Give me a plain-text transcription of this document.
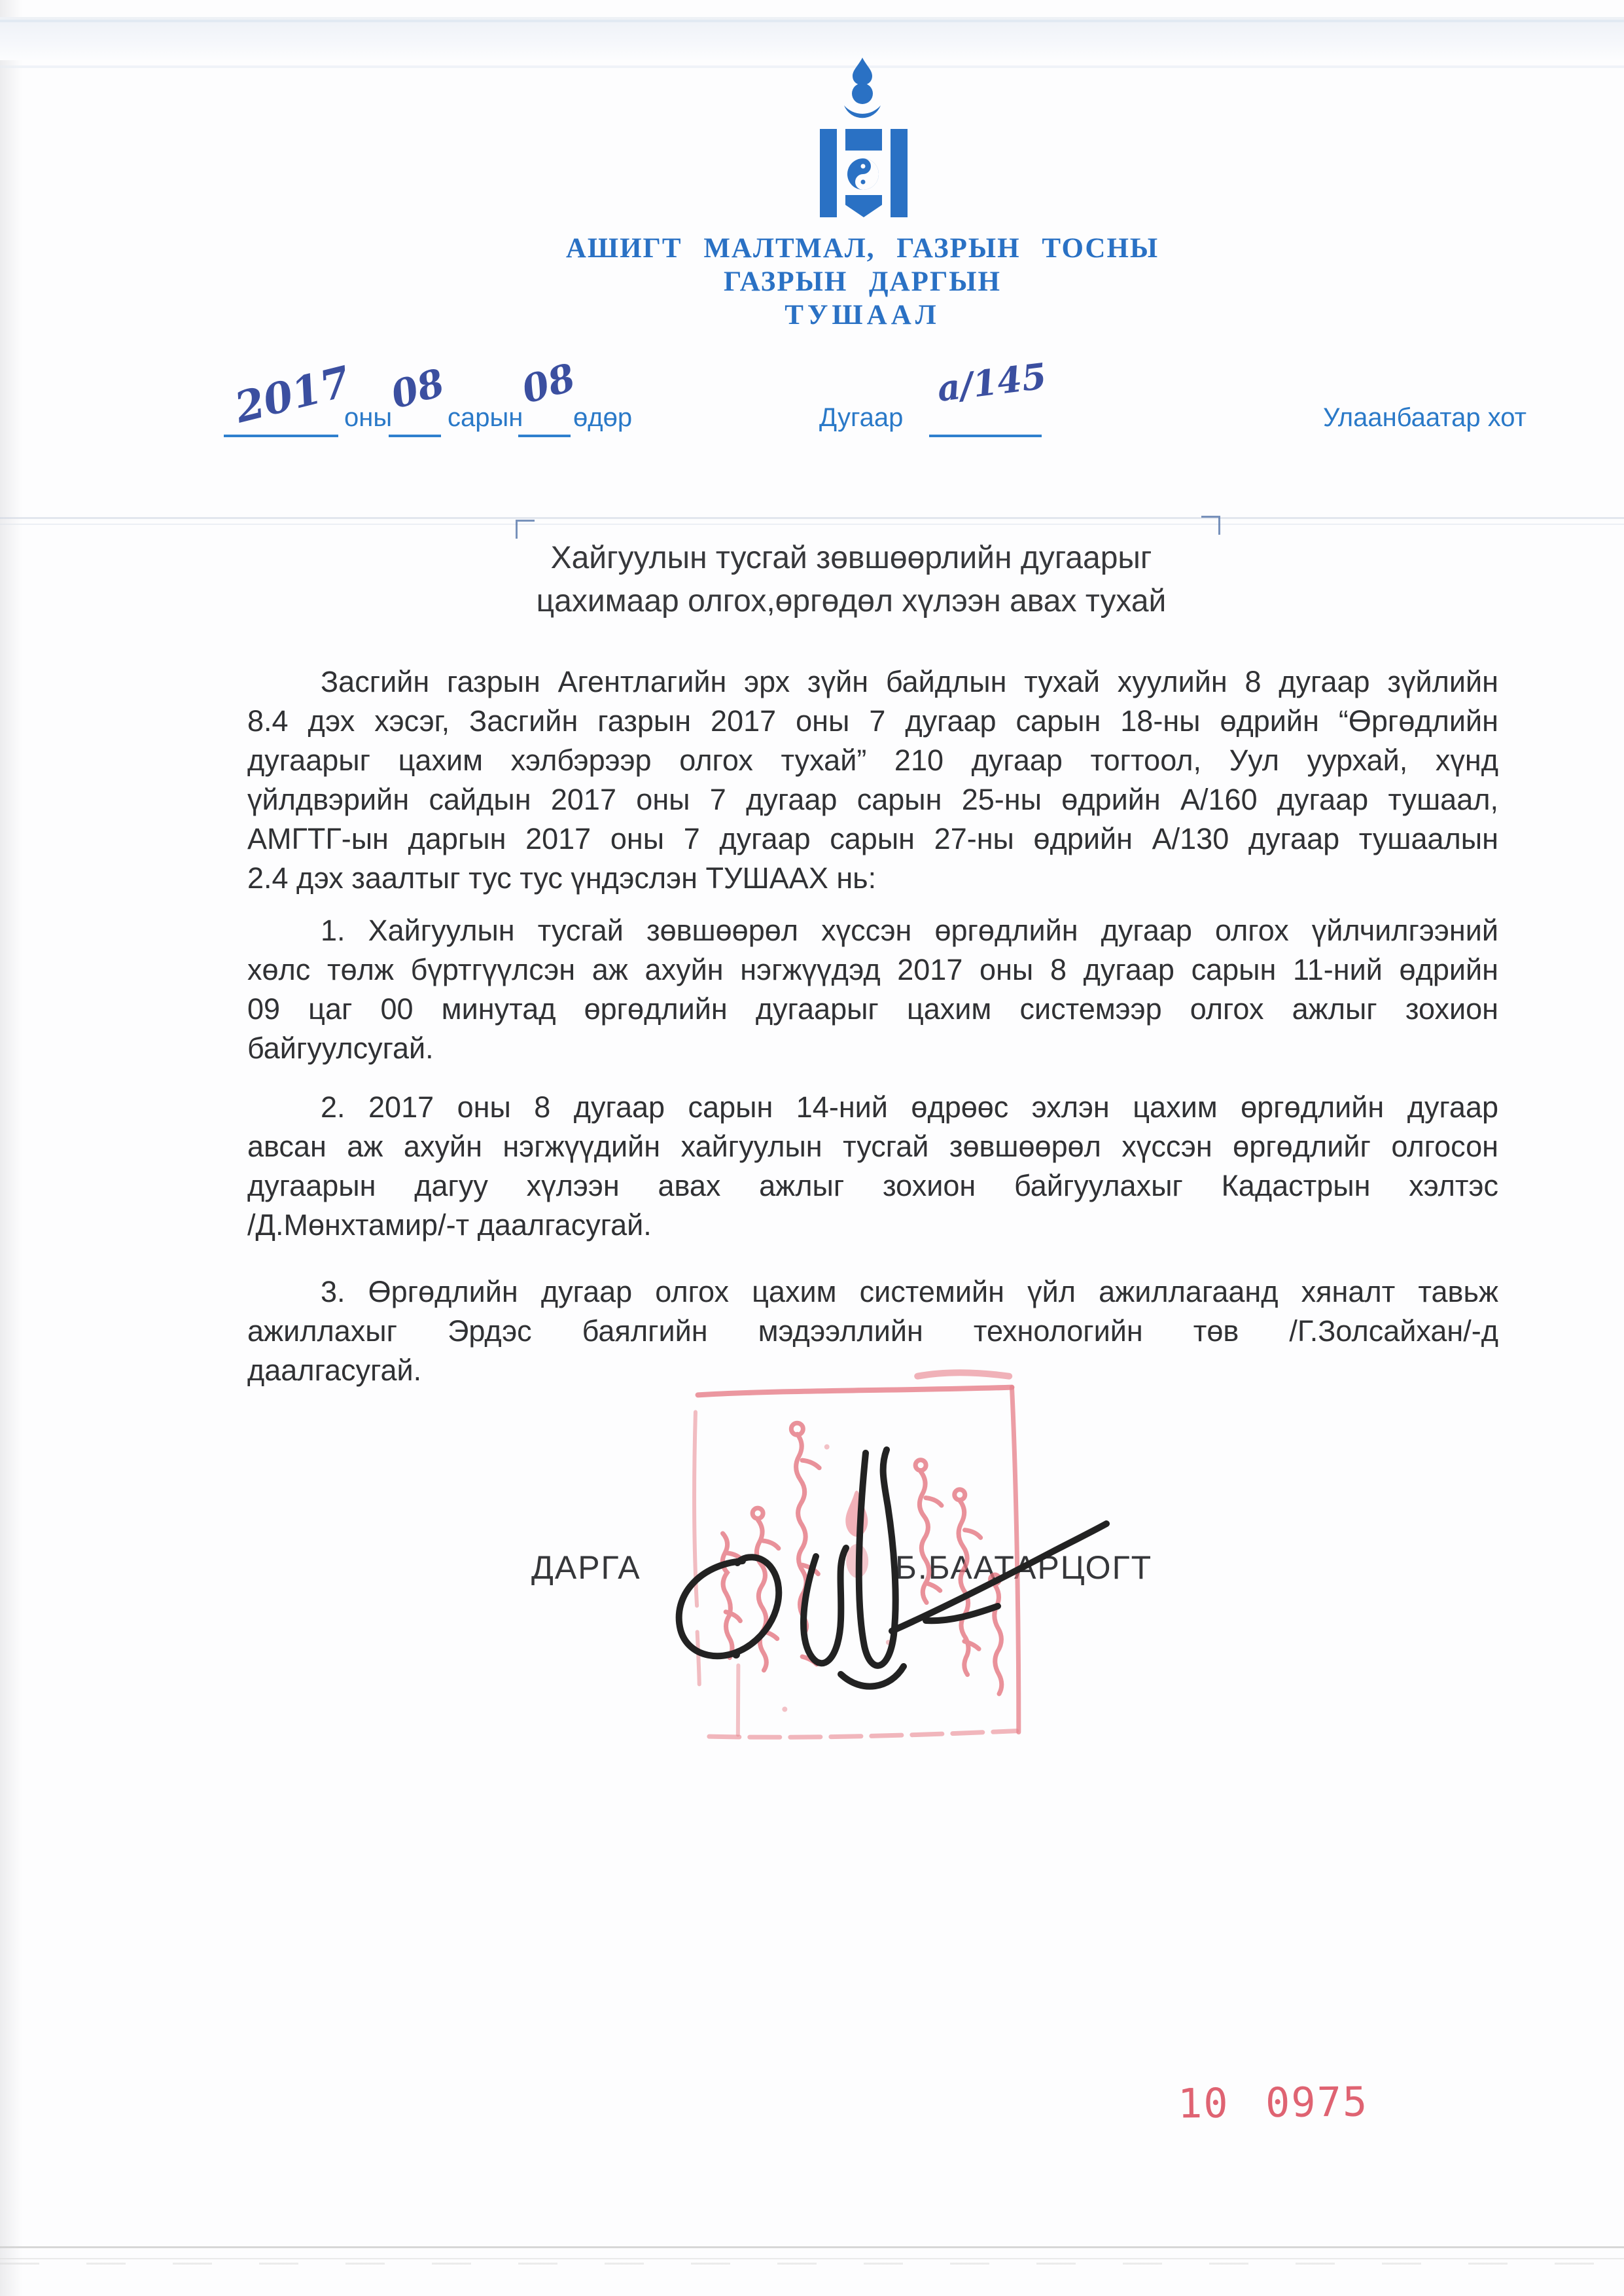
АШИГТ МАЛТМАЛ, ГАЗРЫН ТОСНЫ
ГАЗРЫН ДАРГЫН
ТУШААЛ
2017
оны
08
сарын
08
өдөр	Дугаар
а/145
Улаанбаатар хот
Хайгуулын тусгай зөвшөөрлийн дугаарыг
цахимаар олгох,өргөдөл хүлээн авах тухай
Засгийн газрын Агентлагийн эрх зүйн байдлын тухай хуулийн 8 дугаар зүйлийн
8.4 дэх хэсэг, Засгийн газрын 2017 оны 7 дугаар сарын 18-ны өдрийн “Өргөдлийн
дугаарыг цахим хэлбэрээр олгох тухай” 210 дугаар тогтоол, Уул уурхай, хүнд
үйлдвэрийн сайдын 2017 оны 7 дугаар сарын 25-ны өдрийн А/160 дугаар тушаал,
АМГТГ-ын даргын 2017 оны 7 дугаар сарын 27-ны өдрийн А/130 дугаар тушаалын
2.4 дэх заалтыг тус тус үндэслэн ТУШААХ нь:
1. Хайгуулын тусгай зөвшөөрөл хүссэн өргөдлийн дугаар олгох үйлчилгээний
хөлс төлж бүртгүүлсэн аж ахуйн нэгжүүдэд 2017 оны 8 дугаар сарын 11-ний өдрийн
09 цаг 00 минутад өргөдлийн дугаарыг цахим системээр олгох ажлыг зохион
байгуулсугай.
2. 2017 оны 8 дугаар сарын 14-ний өдрөөс эхлэн цахим өргөдлийн дугаар
авсан аж ахуйн нэгжүүдийн хайгуулын тусгай зөвшөөрөл хүссэн өргөдлийг олгосон
дугаарын дагуу хүлээн авах ажлыг зохион байгуулахыг Кадастрын хэлтэс
/Д.Мөнхтамир/-т даалгасугай.
3. Өргөдлийн дугаар олгох цахим системийн үйл ажиллагаанд хяналт тавьж
ажиллахыг Эрдэс баялгийн мэдээллийн технологийн төв /Г.Золсайхан/-д
даалгасугай.
ДАРГА	Б.БААТАРЦОГТ
10 0975
